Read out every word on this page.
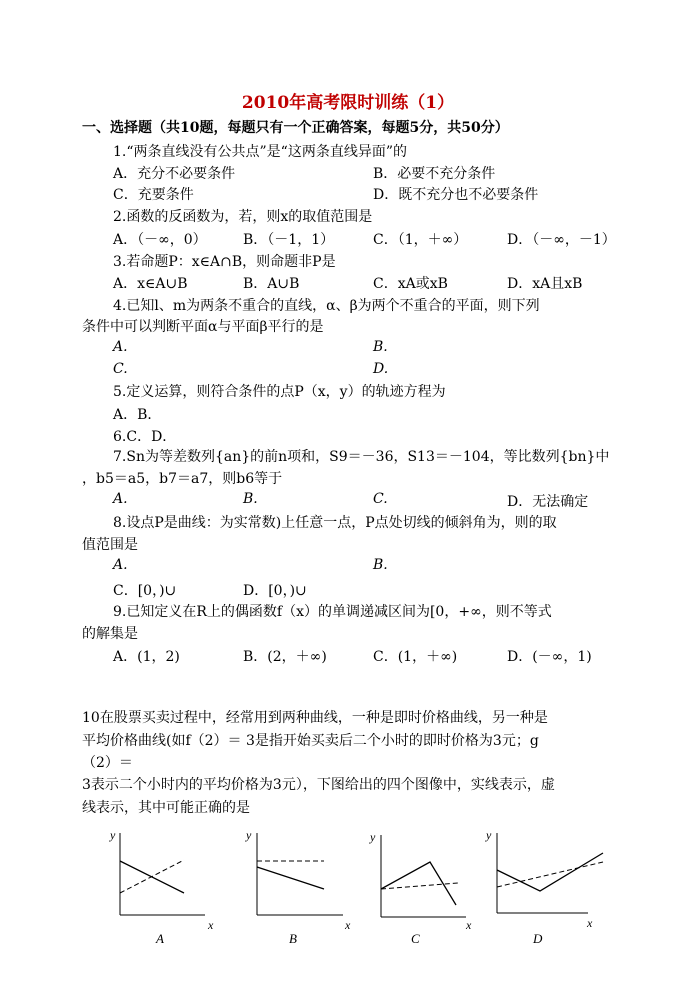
2010年高考限时训练（1）
一、选择题（共10题，每题只有一个正确答案，每题5分，共50分）
1.“两条直线没有公共点”是“这两条直线异面”的
A．充分不必要条件	B．必要不充分条件
C．充要条件	D．既不充分也不必要条件
2.函数的反函数为，若，则x的取值范围是
A．（－∞，0）	B．（－1，1）	C．（1，＋∞）	D．（－∞，－1）
3.若命题P：x∈A∩B，则命题非P是
A．x∈A∪B	B．A∪B	C．xA或xB	D．xA且xB
4.已知l、m为两条不重合的直线，α、β为两个不重合的平面，则下列
条件中可以判断平面α与平面β平行的是
A.	B.
C.	D.
5.定义运算，则符合条件的点P（x，y）的轨迹方程为
A．B．
6.C．D．
7.Sn为等差数列{an}的前n项和，S9＝－36，S13＝－104，等比数列{bn}中
，b5＝a5，b7＝a7，则b6等于
A.	B.	C.	D．无法确定
8.设点P是曲线：为实常数)上任意一点，P点处切线的倾斜角为，则的取
值范围是
A.	B.
C．[0，)∪	D．[0，)∪
9.已知定义在R上的偶函数f（x）的单调递减区间为[0，+∞，则不等式
的解集是
A．(1，2)	B．(2，＋∞)	C．(1，＋∞)	D．(－∞，1)
10在股票买卖过程中，经常用到两种曲线，一种是即时价格曲线，另一种是
平均价格曲线(如f（2）＝ 3是指开始买卖后二个小时的即时价格为3元；g
（2）＝
3表示二个小时内的平均价格为3元），下图给出的四个图像中，实线表示，虚
线表示，其中可能正确的是
y
x
A
y
x
B
y
x
C
y
x
D
